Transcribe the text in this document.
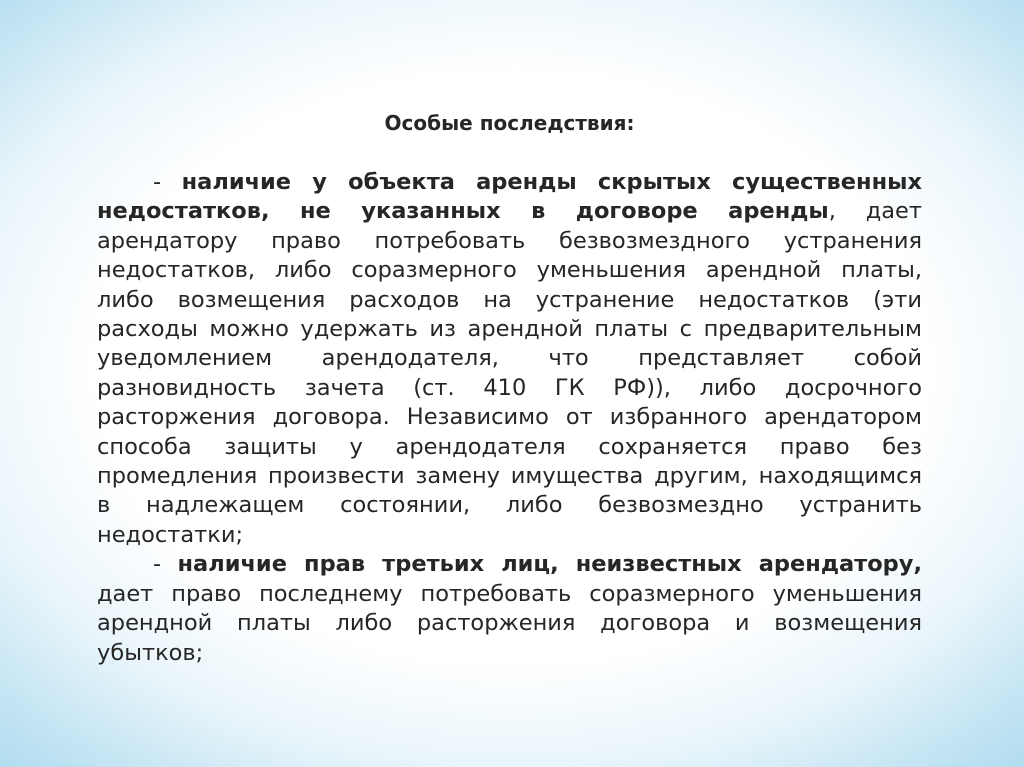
Особые последствия:

- наличие у объекта аренды скрытых существенных недостатков, не указанных в договоре аренды, дает арендатору право потребовать безвозмездного устранения недостатков, либо соразмерного уменьшения арендной платы, либо возмещения расходов на устранение недостатков (эти расходы можно удержать из арендной платы с предварительным уведомлением арендодателя, что представляет собой разновидность зачета (ст. 410 ГК РФ)), либо досрочного расторжения договора. Независимо от избранного арендатором способа защиты у арендодателя сохраняется право без промедления произвести замену имущества другим, находящимся в надлежащем состоянии, либо безвозмездно устранить недостатки;

- наличие прав третьих лиц, неизвестных арендатору, дает право последнему потребовать соразмерного уменьшения арендной платы либо расторжения договора и возмещения убытков;
